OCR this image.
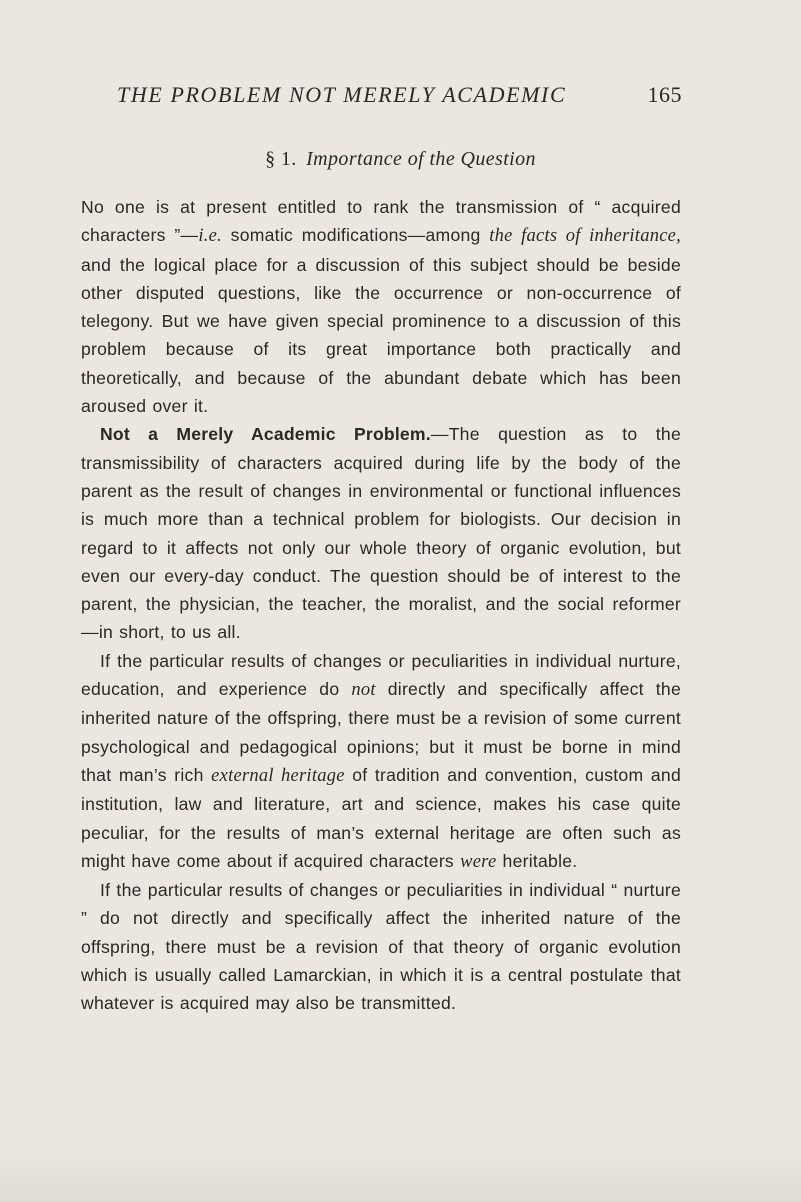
THE PROBLEM NOT MERELY ACADEMIC	165
§ 1. Importance of the Question

No one is at present entitled to rank the transmission of “ acquired characters ”—i.e. somatic modifications—among the facts of inheritance, and the logical place for a discussion of this subject should be beside other disputed questions, like the occurrence or non-occurrence of telegony. But we have given special prominence to a discussion of this problem because of its great importance both practically and theoretically, and because of the abundant debate which has been aroused over it.

Not a Merely Academic Problem.—The question as to the transmissibility of characters acquired during life by the body of the parent as the result of changes in environmental or functional influences is much more than a technical problem for biologists. Our decision in regard to it affects not only our whole theory of organic evolution, but even our every-day conduct. The question should be of interest to the parent, the physician, the teacher, the moralist, and the social reformer —in short, to us all.

If the particular results of changes or peculiarities in individual nurture, education, and experience do not directly and specifically affect the inherited nature of the offspring, there must be a revision of some current psychological and pedagogical opinions; but it must be borne in mind that man’s rich external heritage of tradition and convention, custom and institution, law and literature, art and science, makes his case quite peculiar, for the results of man’s external heritage are often such as might have come about if acquired characters were heritable.

If the particular results of changes or peculiarities in individual “ nurture ” do not directly and specifically affect the inherited nature of the offspring, there must be a revision of that theory of organic evolution which is usually called Lamarckian, in which it is a central postulate that whatever is acquired may also be transmitted.
